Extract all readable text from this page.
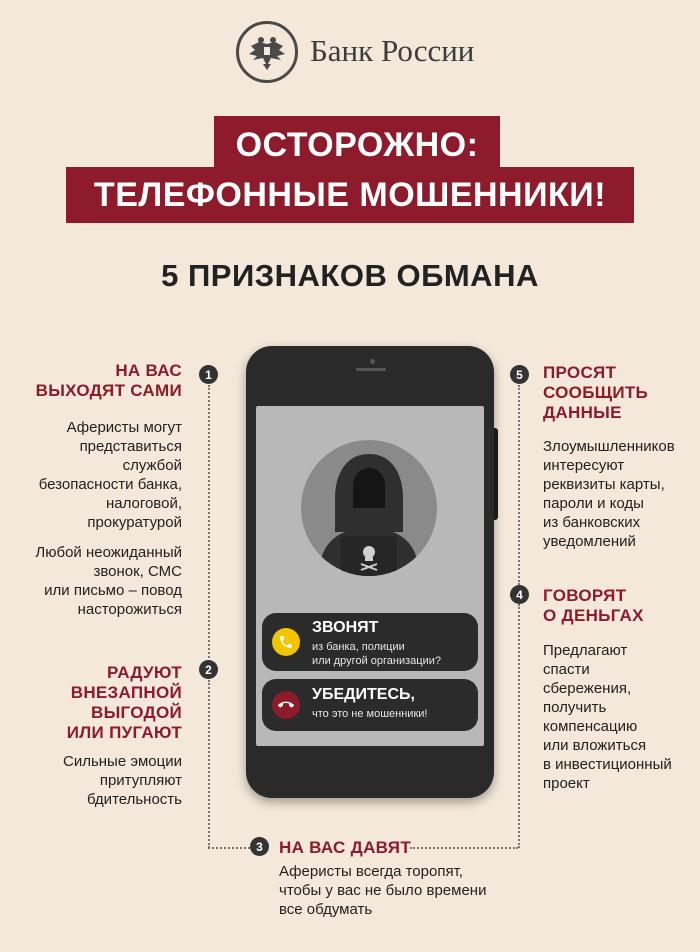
Банк России
ОСТОРОЖНО:
ТЕЛЕФОННЫЕ МОШЕННИКИ!
5 ПРИЗНАКОВ ОБМАНА
1
НА ВАС
ВЫХОДЯТ САМИ
Аферисты могут
представиться
службой
безопасности банка,
налоговой,
прокуратурой
Любой неожиданный
звонок, СМС
или письмо – повод
насторожиться
2
РАДУЮТ
ВНЕЗАПНОЙ
ВЫГОДОЙ
ИЛИ ПУГАЮТ
Сильные эмоции
притупляют
бдительность
3 НА ВАС ДАВЯТ
Аферисты всегда торопят,
чтобы у вас не было времени
все обдумать
4	ГОВОРЯТ
О ДЕНЬГАХ
Предлагают
спасти
сбережения,
получить
компенсацию
или вложиться
в инвестиционный
проект
5	ПРОСЯТ
СООБЩИТЬ
ДАННЫЕ
Злоумышленников
интересуют
реквизиты карты,
пароли и коды
из банковских
уведомлений
ЗВОНЯТ
из банка, полиции
или другой организации?
УБЕДИТЕСЬ,
что это не мошенники!
